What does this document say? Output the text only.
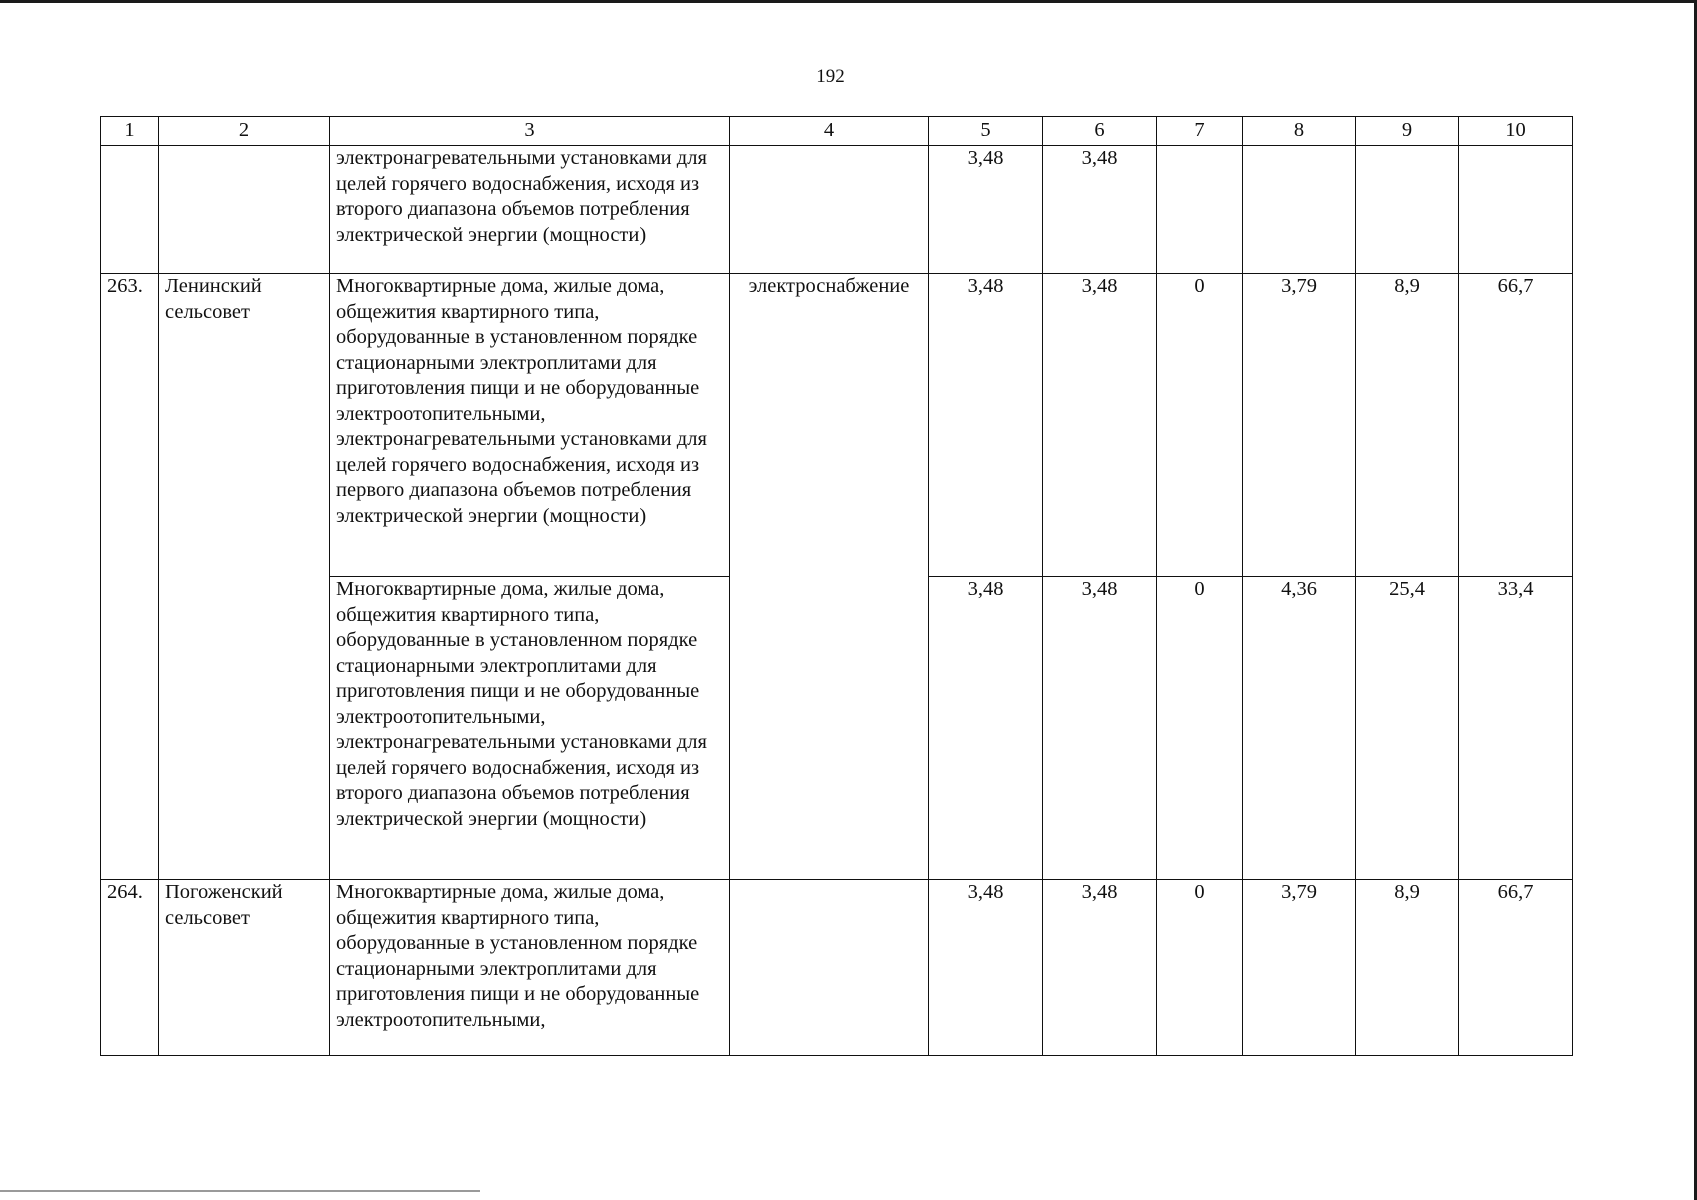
192
1	2	3	4	5	6	7	8	9	10
		электронагревательными установками для целей горячего водоснабжения, исходя из второго диапазона объемов потребления электрической энергии (мощности)		3,48	3,48				
263.	Ленинский сельсовет	Многоквартирные дома, жилые дома, общежития квартирного типа, оборудованные в установленном порядке стационарными электроплитами для приготовления пищи и не оборудованные электроотопительными, электронагревательными установками для целей горячего водоснабжения, исходя из первого диапазона объемов потребления электрической энергии (мощности)	электроснабжение	3,48	3,48	0	3,79	8,9	66,7
		Многоквартирные дома, жилые дома, общежития квартирного типа, оборудованные в установленном порядке стационарными электроплитами для приготовления пищи и не оборудованные электроотопительными, электронагревательными установками для целей горячего водоснабжения, исходя из второго диапазона объемов потребления электрической энергии (мощности)		3,48	3,48	0	4,36	25,4	33,4
264.	Погоженский сельсовет	Многоквартирные дома, жилые дома, общежития квартирного типа, оборудованные в установленном порядке стационарными электроплитами для приготовления пищи и не оборудованные электроотопительными,		3,48	3,48	0	3,79	8,9	66,7
